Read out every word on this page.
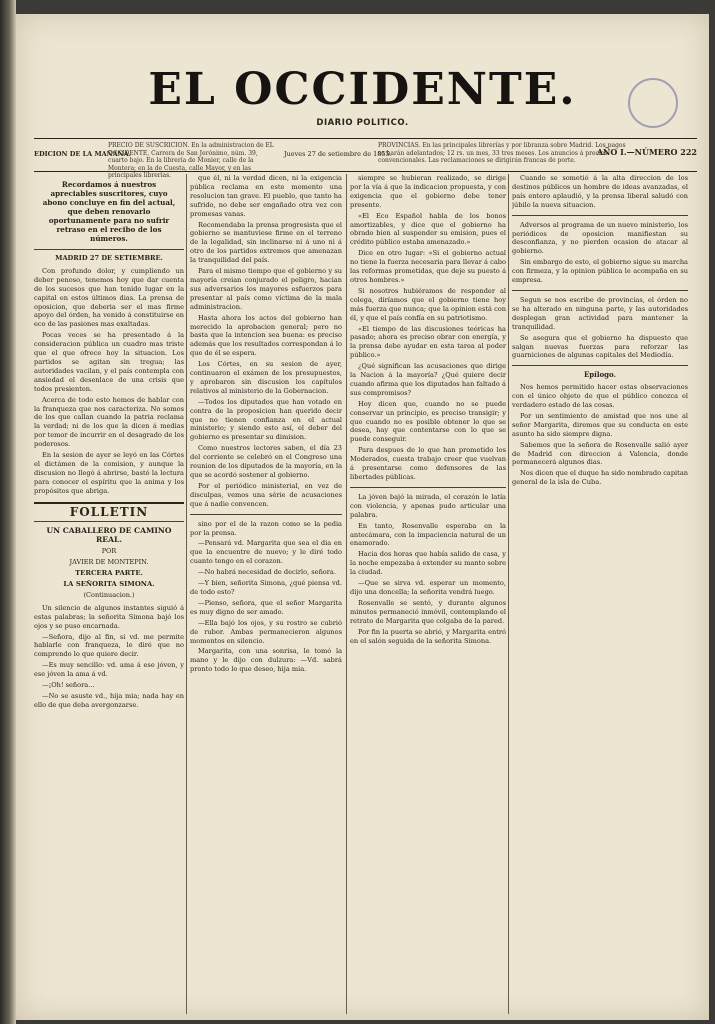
EL OCCIDENTE.
DIARIO POLITICO.
EDICION DE LA MAÑANA.
PRECIO DE SUSCRICION. En la administracion de EL OCCIDENTE, Carrera de San Jerónimo, núm. 39, cuarto bajo. En la librería de Monier, calle de la Montera; en la de Cuesta, calle Mayor, y en las principales librerías.
Jueves 27 de setiembre de 1855.
PROVINCIAS. En las principales librerías y por libranza sobre Madrid. Los pagos se harán adelantados; 12 rs. un mes, 33 tres meses. Los anuncios á precios convencionales. Las reclamaciones se dirigirán francas de porte.
AÑO I.—NÚMERO 222
Recordamos á nuestros apreciables suscritores, cuyo abono concluye en fin del actual, que deben renovarlo oportunamente para no sufrir retraso en el recibo de los números.
MADRID 27 DE SETIEMBRE.

Con profundo dolor, y cumpliendo un deber penoso, tenemos hoy que dar cuenta de los sucesos que han tenido lugar en la capital en estos últimos dias. La prensa de oposicion, que deberia ser el mas firme apoyo del órden, ha venido á constituirse en eco de las pasiones mas exaltadas.

Pocas veces se ha presentado á la consideracion pública un cuadro mas triste que el que ofrece hoy la situacion. Los partidos se agitan sin tregua; las autoridades vacilan, y el país contempla con ansiedad el desenlace de una crisis que todos presienten.

Acerca de todo esto hemos de hablar con la franqueza que nos caracteriza. No somos de los que callan cuando la patria reclama la verdad; ni de los que la dicen á medias por temor de incurrir en el desagrado de los poderosos.

En la sesion de ayer se leyó en las Córtes el dictámen de la comision, y aunque la discusion no llegó á abrirse, bastó la lectura para conocer el espíritu que la anima y los propósitos que abriga.

FOLLETIN
UN CABALLERO DE CAMINO REAL.
POR
JAVIER DE MONTEPIN.
TERCERA PARTE.
LA SEÑORITA SIMONA.
(Continuacion.)

Un silencio de algunos instantes siguió á estas palabras; la señorita Simona bajó los ojos y se puso encarnada.

—Señora, dijo al fin, si vd. me permite hablarle con franqueza, le diré que no comprendo lo que quiere decir.

—Es muy sencillo: vd. ama á ese jóven, y ese jóven la ama á vd.

—¡Oh! señora...

—No se asuste vd., hija mia; nada hay en ello de que deba avergonzarse.

que él, ni la verdad dicen, ni la exigencia pública reclama en este momento una resolucion tan grave. El pueblo, que tanto ha sufrido, no debe ser engañado otra vez con promesas vanas.

Recomendaba la prensa progresista que el gobierno se mantuviese firme en el terreno de la legalidad, sin inclinarse ni á uno ni á otro de los partidos extremos que amenazan la tranquilidad del país.

Para el mismo tiempo que el gobierno y su mayoría creian conjurado el peligro, hacian sus adversarios los mayores esfuerzos para presentar al país como víctima de la mala administracion.

Hasta ahora los actos del gobierno han merecido la aprobacion general; pero no basta que la intencion sea buena: es preciso además que los resultados correspondan á lo que de él se espera.

Los Córtes, en su sesion de ayer, continuaron el exámen de los presupuestos, y aprobaron sin discusion los capítulos relativos al ministerio de la Gobernacion.

—Todos los diputados que han votado en contra de la proposicion han querido decir que no tienen confianza en el actual ministerio; y siendo esto así, el deber del gobierno es presentar su dimision.

Como nuestros lectores saben, el día 23 del corriente se celebró en el Congreso una reunion de los diputados de la mayoría, en la que se acordó sostener al gobierno.

Por el periódico ministerial, en vez de disculpas, vemos una série de acusaciones que á nadie convencen.

sino por el de la razon como se la pedia por la prensa.

—Pensará vd. Margarita que sea el dia en que la encuentre de nuevo; y le diré todo cuanto tengo en el corazon.

—No habrá necesidad de decirlo, señora.

—Y bien, señorita Simona, ¿qué piensa vd. de todo esto?

—Pienso, señora, que el señor Margarita es muy digno de ser amado.

—Ella bajó los ojos, y su rostro se cubrió de rubor. Ambas permanecieron algunos momentos en silencio.

Margarita, con una sonrisa, le tomó la mano y le dijo con dulzura: —Vd. sabrá pronto todo lo que deseo, hija mia.

siempre se hubieran realizado, se dirige por la vía á que la indicacion propuesta, y con exigencia que el gobierno debe tener presente.

«El Eco Español habla de los bonos amortizables, y dice que el gobierno ha obrado bien al suspender su emision, pues el crédito público estaba amenazado.»

Dice en otro lugar: «Si el gobierno actual no tiene la fuerza necesaria para llevar á cabo las reformas prometidas, que deje su puesto á otros hombres.»

Si nosotros hubiéramos de responder al colega, diríamos que el gobierno tiene hoy más fuerza que nunca; que la opinion está con él, y que el país confía en su patriotismo.

«El tiempo de las discusiones teóricas ha pasado; ahora es preciso obrar con energía, y la prensa debe ayudar en esta tarea al poder público.»

¿Qué significan las acusaciones que dirige la Nacion á la mayoría? ¿Qué quiere decir cuando afirma que los diputados han faltado á sus compromisos?

Hoy dicen que, cuando no se puede conservar un principio, es preciso transigir; y que cuando no es posible obtener lo que se desea, hay que contentarse con lo que se puede conseguir.

Para despues de lo que han prometido los Moderados, cuesta trabajo creer que vuelvan á presentarse como defensores de las libertades públicas.

La jóven bajó la mirada, el corazón le latía con violencia, y apenas pudo articular una palabra.

En tanto, Rosenvalle esperaba en la antecámara, con la impaciencia natural de un enamorado.

Hacia dos horas que había salido de casa, y la noche empezaba á extender su manto sobre la ciudad.

—Que se sirva vd. esperar un momento, dijo una doncella; la señorita vendrá luego.

Rosenvalle se sentó, y durante algunos minutos permaneció inmóvil, contemplando el retrato de Margarita que colgaba de la pared.

Por fin la puerta se abrió, y Margarita entró en el salón seguida de la señorita Simona.

Cuando se sometió á la alta direccion de los destinos públicos un hombre de ideas avanzadas, el país entero aplaudió, y la prensa liberal saludó con júbilo la nueva situacion.

Adversos al programa de un nuevo ministerio, los periódicos de oposicion manifiestan su desconfianza, y no pierden ocasion de atacar al gobierno.

Sin embargo de esto, el gobierno sigue su marcha con firmeza, y la opinion pública le acompaña en su empresa.

Segun se nos escribe de provincias, el órden no se ha alterado en ninguna parte, y las autoridades desplegan gran actividad para mantener la tranquilidad.

Se asegura que el gobierno ha dispuesto que salgan nuevas fuerzas para reforzar las guarniciones de algunas capitales del Mediodía.

Epílogo.

Nos hemos permitido hacer estas observaciones con el único objeto de que el público conozca el verdadero estado de las cosas.

Por un sentimiento de amistad que nos une al señor Margarita, diremos que su conducta en este asunto ha sido siempre digna.

Sabemos que la señora de Rosenvalle salió ayer de Madrid con direccion á Valencia, donde permanecerá algunos dias.

Nos dicen que el duque ha sido nombrado capitan general de la isla de Cuba.
